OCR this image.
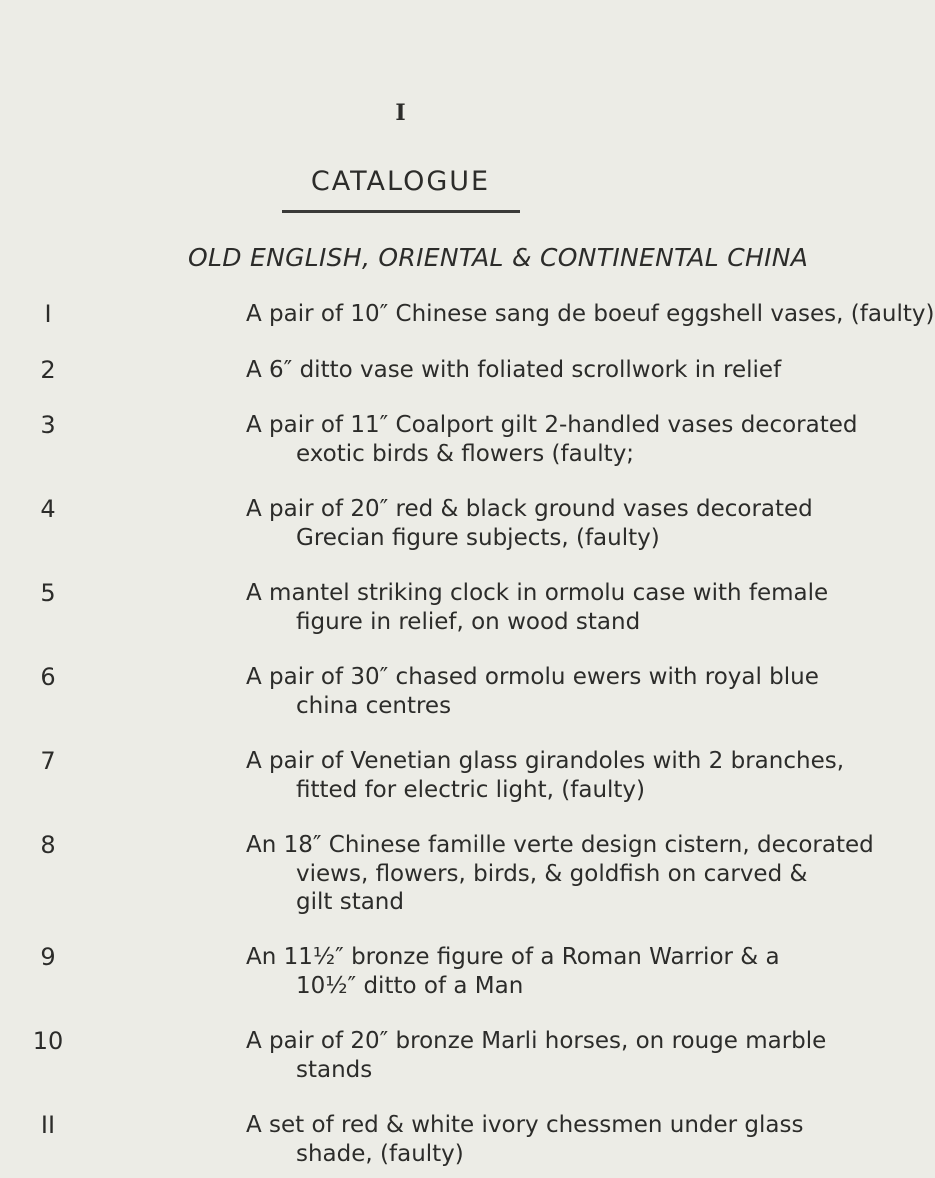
I
CATALOGUE
OLD ENGLISH, ORIENTAL & CONTINENTAL CHINA
I	A pair of 10″ Chinese sang de boeuf eggshell vases, (faulty)
2	A 6″ ditto vase with foliated scrollwork in relief
3	A pair of 11″ Coalport gilt 2-handled vases decorated
exotic birds & flowers (faulty;
4	A pair of 20″ red & black ground vases decorated
Grecian figure subjects, (faulty)
5	A mantel striking clock in ormolu case with female
figure in relief, on wood stand
6	A pair of 30″ chased ormolu ewers with royal blue
china centres
7	A pair of Venetian glass girandoles with 2 branches,
fitted for electric light, (faulty)
8	An 18″ Chinese famille verte design cistern, decorated
views, flowers, birds, & goldfish on carved &
gilt stand
9	An 11½″ bronze figure of a Roman Warrior & a
10½″ ditto of a Man
10	A pair of 20″ bronze Marli horses, on rouge marble
stands
II	A set of red & white ivory chessmen under glass
shade, (faulty)
